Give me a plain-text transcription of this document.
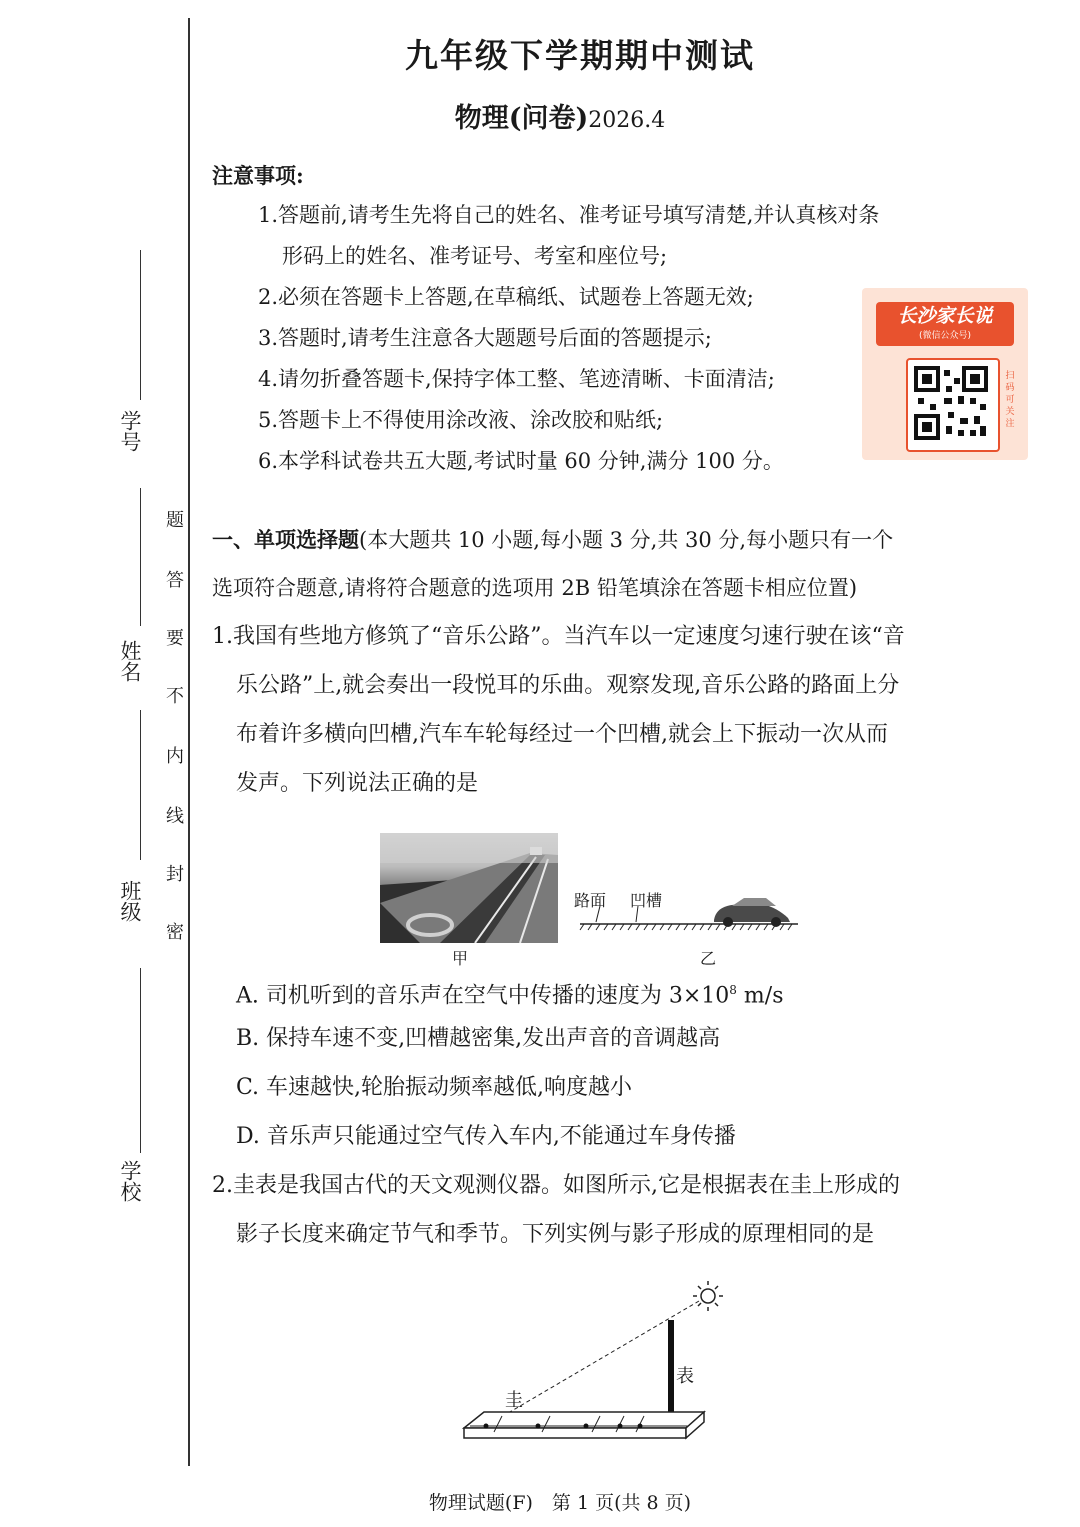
学号
姓名
班级
学校
密
封
线
内
不
要
答
题
九年级下学期期中测试
物理(问卷)2026.4
注意事项:
1.答题前,请考生先将自己的姓名、准考证号填写清楚,并认真核对条
形码上的姓名、准考证号、考室和座位号;
2.必须在答题卡上答题,在草稿纸、试题卷上答题无效;
3.答题时,请考生注意各大题题号后面的答题提示;
4.请勿折叠答题卡,保持字体工整、笔迹清晰、卡面清洁;
5.答题卡上不得使用涂改液、涂改胶和贴纸;
6.本学科试卷共五大题,考试时量 60 分钟,满分 100 分。
长沙家长说
(微信公众号)
扫码可关注
一、单项选择题(本大题共 10 小题,每小题 3 分,共 30 分,每小题只有一个
选项符合题意,请将符合题意的选项用 2B 铅笔填涂在答题卡相应位置)
1.我国有些地方修筑了“音乐公路”。当汽车以一定速度匀速行驶在该“音
乐公路”上,就会奏出一段悦耳的乐曲。观察发现,音乐公路的路面上分
布着许多横向凹槽,汽车车轮每经过一个凹槽,就会上下振动一次从而
发声。下列说法正确的是
甲
路面 凹槽
乙
A. 司机听到的音乐声在空气中传播的速度为 $3\times 10^8$ m/s
B. 保持车速不变,凹槽越密集,发出声音的音调越高
C. 车速越快,轮胎振动频率越低,响度越小
D. 音乐声只能通过空气传入车内,不能通过车身传播
2.圭表是我国古代的天文观测仪器。如图所示,它是根据表在圭上形成的
影子长度来确定节气和季节。下列实例与影子形成的原理相同的是
圭
表
物理试题(F)　第 1 页(共 8 页)
